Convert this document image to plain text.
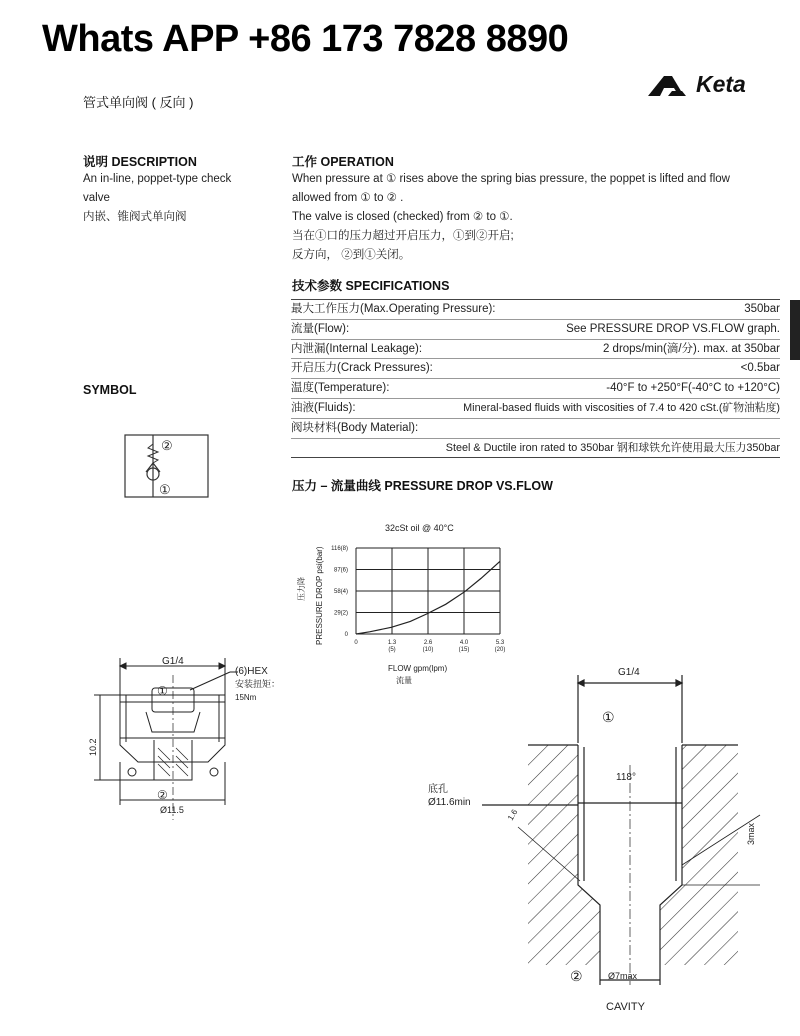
Whats APP +86 173 7828 8890
Keta
管式单向阀 ( 反向 )
说明 DESCRIPTION
An in-line, poppet-type check
valve
内嵌、锥阀式单向阀
工作 OPERATION
When pressure at ① rises above the spring bias pressure, the poppet is lifted and flow
allowed from ① to ② .
The valve is closed (checked) from ② to ①.
当在①口的压力超过开启压力，①到②开启;
反方向， ②到①关闭。
技术参数 SPECIFICATIONS
最大工作压力(Max.Operating Pressure):	350bar
流量(Flow):	See PRESSURE DROP VS.FLOW graph.
内泄漏(Internal Leakage):	2 drops/min(滴/分). max. at 350bar
开启压力(Crack Pressures):	<0.5bar
温度(Temperature):	-40°F to +250°F(-40°C to +120°C)
油液(Fluids):	Mineral-based fluids with viscosities of 7.4 to 420 cSt.(矿物油粘度)
阀块材料(Body Material):
Steel & Ductile iron rated to 350bar 钢和球铁允许使用最大压力350bar
SYMBOL
②
①	压力 – 流量曲线 PRESSURE DROP VS.FLOW
32cSt oil @ 40°C
压力降 PRESSURE DROP psi(bar)	0	1.3
(5)
2.6
(10)
4.0
(15)
5.3
(20)
0
29(2)
58(4)
87(6)
116(8)
FLOW gpm(lpm)
流量
G1/4
(6)HEX
安装扭矩：
15Nm
10.2
①
②
Ø11.5
G1/4
①
118°
底孔
Ø11.6min
1.6
3max
②	Ø7max
CAVITY
